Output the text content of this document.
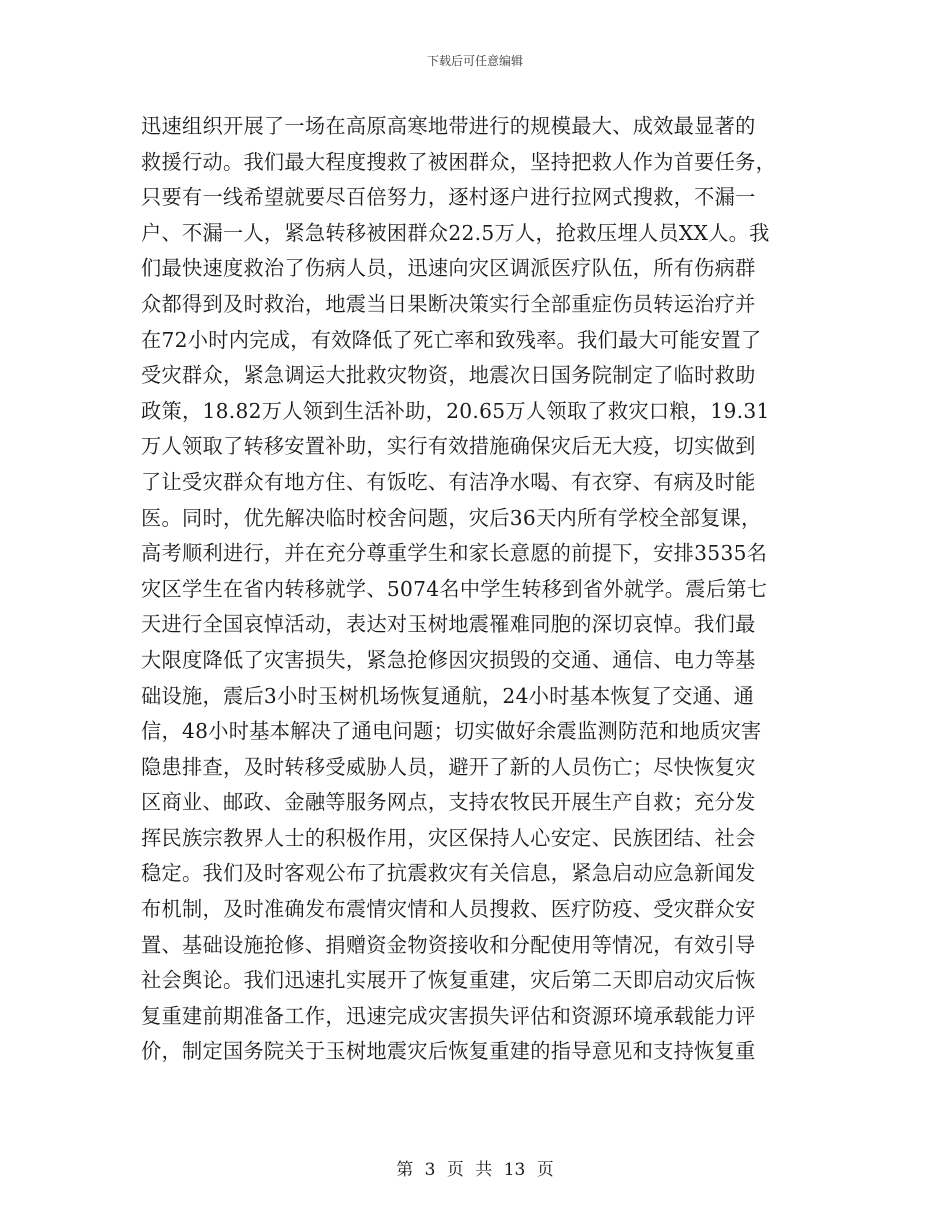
下载后可任意编辑

迅速组织开展了一场在高原高寒地带进行的规模最大、成效最显著的
救援行动。我们最大程度搜救了被困群众，坚持把救人作为首要任务，
只要有一线希望就要尽百倍努力，逐村逐户进行拉网式搜救，不漏一
户、不漏一人，紧急转移被困群众22.5万人，抢救压埋人员XX人。我
们最快速度救治了伤病人员，迅速向灾区调派医疗队伍，所有伤病群
众都得到及时救治，地震当日果断决策实行全部重症伤员转运治疗并
在72小时内完成，有效降低了死亡率和致残率。我们最大可能安置了
受灾群众，紧急调运大批救灾物资，地震次日国务院制定了临时救助
政策，18.82万人领到生活补助，20.65万人领取了救灾口粮，19.31
万人领取了转移安置补助，实行有效措施确保灾后无大疫，切实做到
了让受灾群众有地方住、有饭吃、有洁净水喝、有衣穿、有病及时能
医。同时，优先解决临时校舍问题，灾后36天内所有学校全部复课，
高考顺利进行，并在充分尊重学生和家长意愿的前提下，安排3535名
灾区学生在省内转移就学、5074名中学生转移到省外就学。震后第七
天进行全国哀悼活动，表达对玉树地震罹难同胞的深切哀悼。我们最
大限度降低了灾害损失，紧急抢修因灾损毁的交通、通信、电力等基
础设施，震后3小时玉树机场恢复通航，24小时基本恢复了交通、通
信，48小时基本解决了通电问题；切实做好余震监测防范和地质灾害
隐患排查，及时转移受威胁人员，避开了新的人员伤亡；尽快恢复灾
区商业、邮政、金融等服务网点，支持农牧民开展生产自救；充分发
挥民族宗教界人士的积极作用，灾区保持人心安定、民族团结、社会
稳定。我们及时客观公布了抗震救灾有关信息，紧急启动应急新闻发
布机制，及时准确发布震情灾情和人员搜救、医疗防疫、受灾群众安
置、基础设施抢修、捐赠资金物资接收和分配使用等情况，有效引导
社会舆论。我们迅速扎实展开了恢复重建，灾后第二天即启动灾后恢
复重建前期准备工作，迅速完成灾害损失评估和资源环境承载能力评
价，制定国务院关于玉树地震灾后恢复重建的指导意见和支持恢复重

第 3 页 共 13 页
